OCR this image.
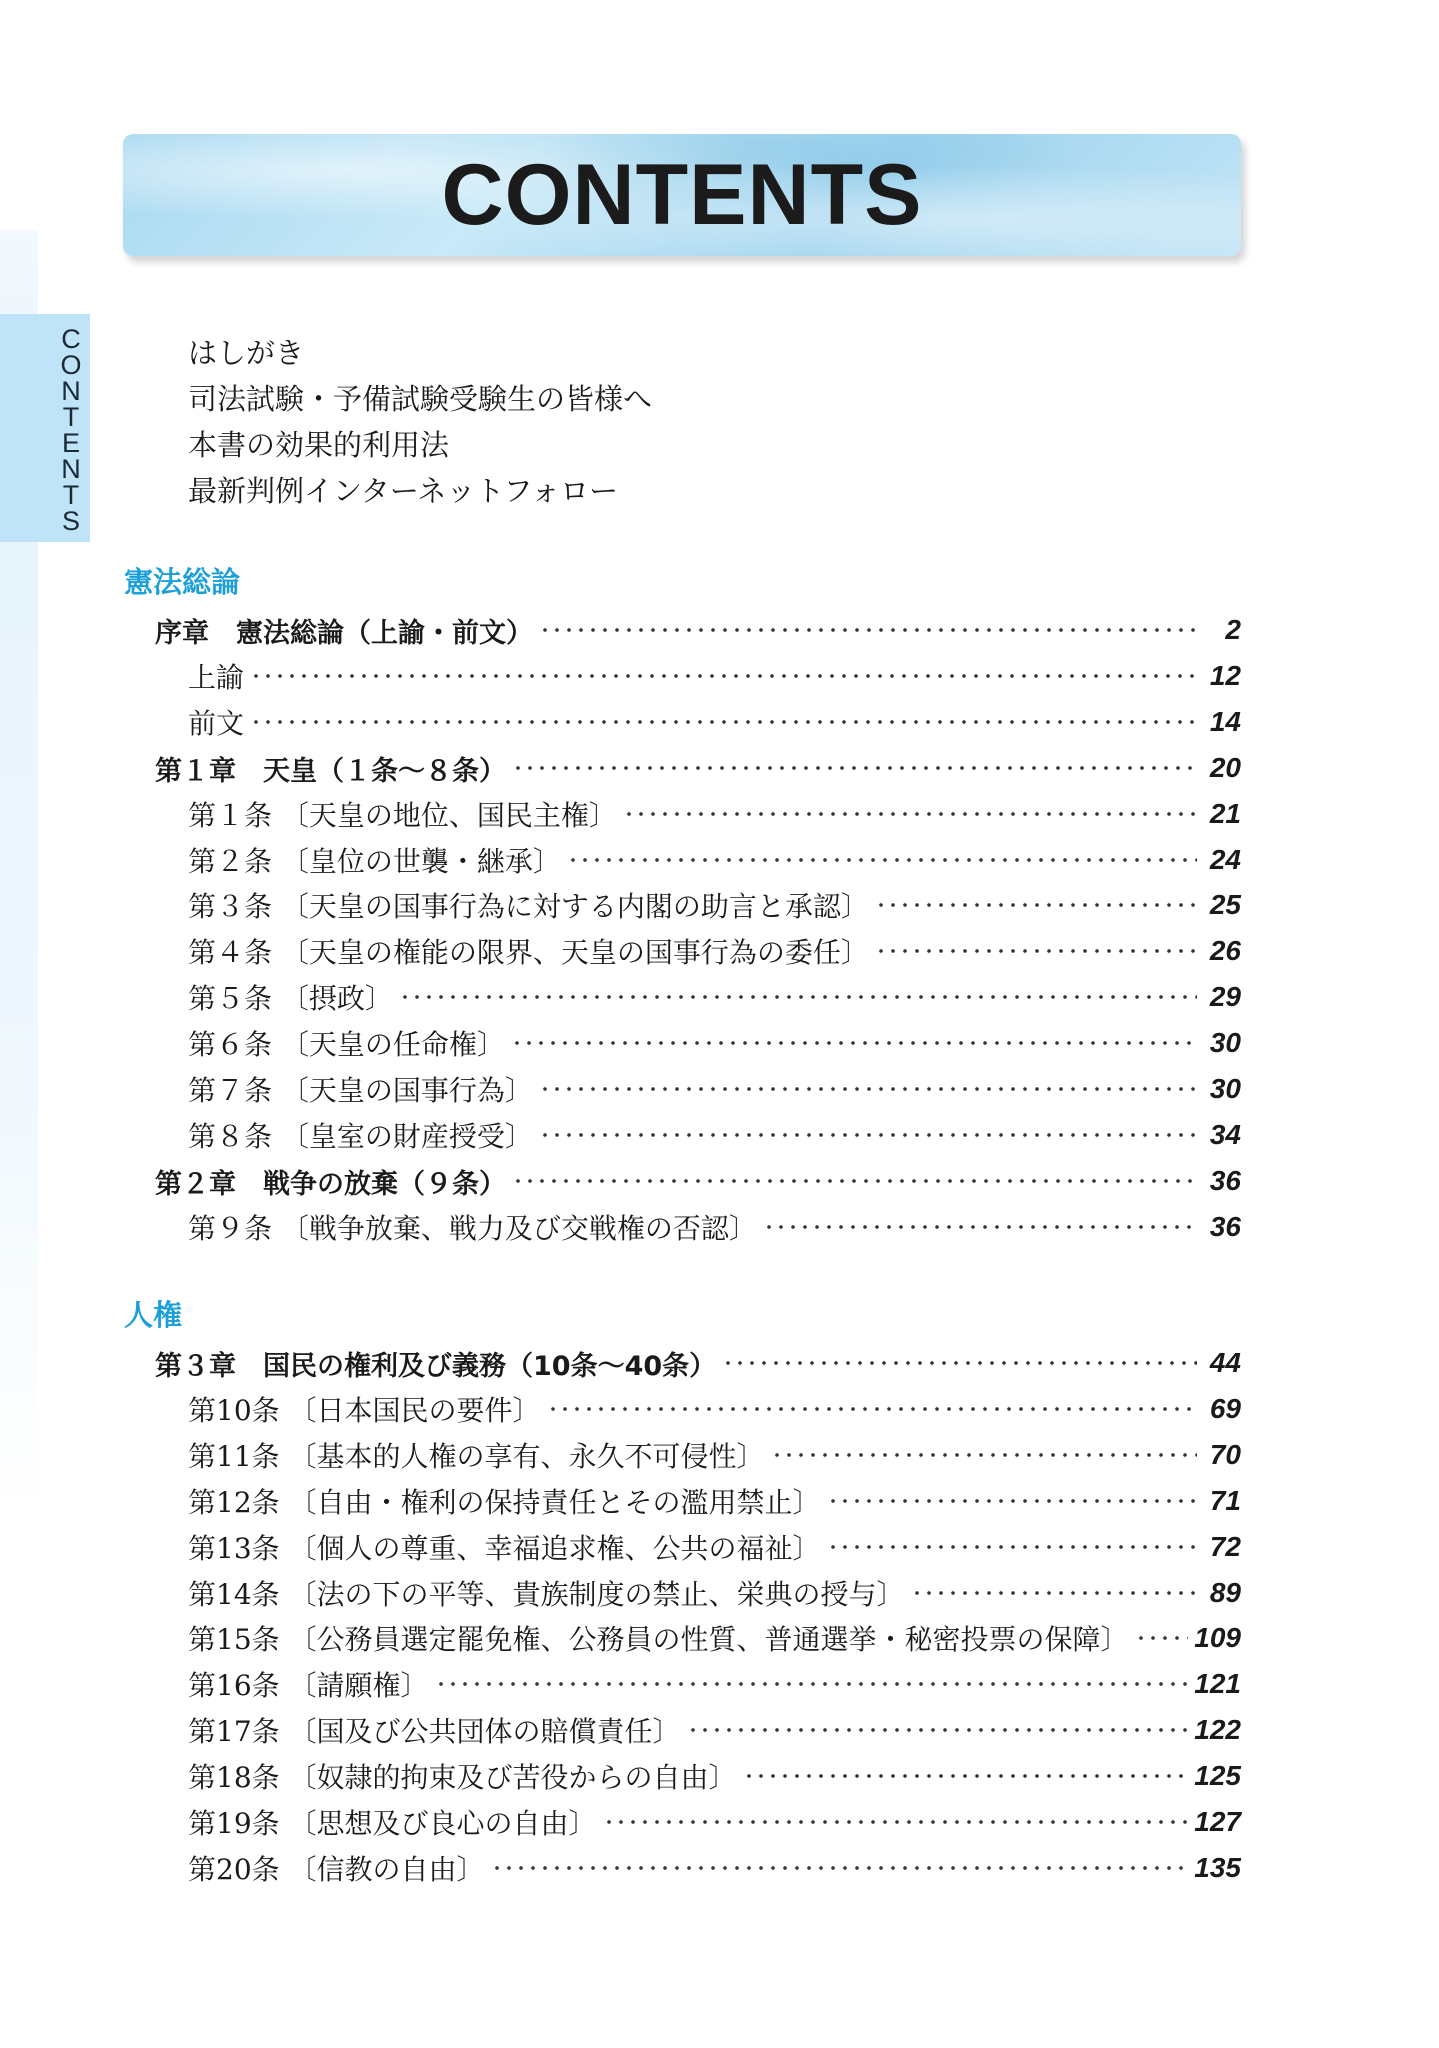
CONTENTS
CONTENTS
はしがき
司法試験・予備試験受験生の皆様へ
本書の効果的利用法
最新判例インターネットフォロー
憲法総論
序章　憲法総論（上諭・前文）	2
上諭	12
前文	14
第１章　天皇（１条〜８条）	20
第１条 〔天皇の地位、国民主権〕	21
第２条 〔皇位の世襲・継承〕	24
第３条 〔天皇の国事行為に対する内閣の助言と承認〕	25
第４条 〔天皇の権能の限界、天皇の国事行為の委任〕	26
第５条 〔摂政〕	29
第６条 〔天皇の任命権〕	30
第７条 〔天皇の国事行為〕	30
第８条 〔皇室の財産授受〕	34
第２章　戦争の放棄（９条）	36
第９条 〔戦争放棄、戦力及び交戦権の否認〕	36
人権
第３章　国民の権利及び義務（10条〜40条）	44
第10条 〔日本国民の要件〕	69
第11条 〔基本的人権の享有、永久不可侵性〕	70
第12条 〔自由・権利の保持責任とその濫用禁止〕	71
第13条 〔個人の尊重、幸福追求権、公共の福祉〕	72
第14条 〔法の下の平等、貴族制度の禁止、栄典の授与〕	89
第15条 〔公務員選定罷免権、公務員の性質、普通選挙・秘密投票の保障〕 109
第16条 〔請願権〕	121
第17条 〔国及び公共団体の賠償責任〕	122
第18条 〔奴隷的拘束及び苦役からの自由〕	125
第19条 〔思想及び良心の自由〕	127
第20条 〔信教の自由〕	135
